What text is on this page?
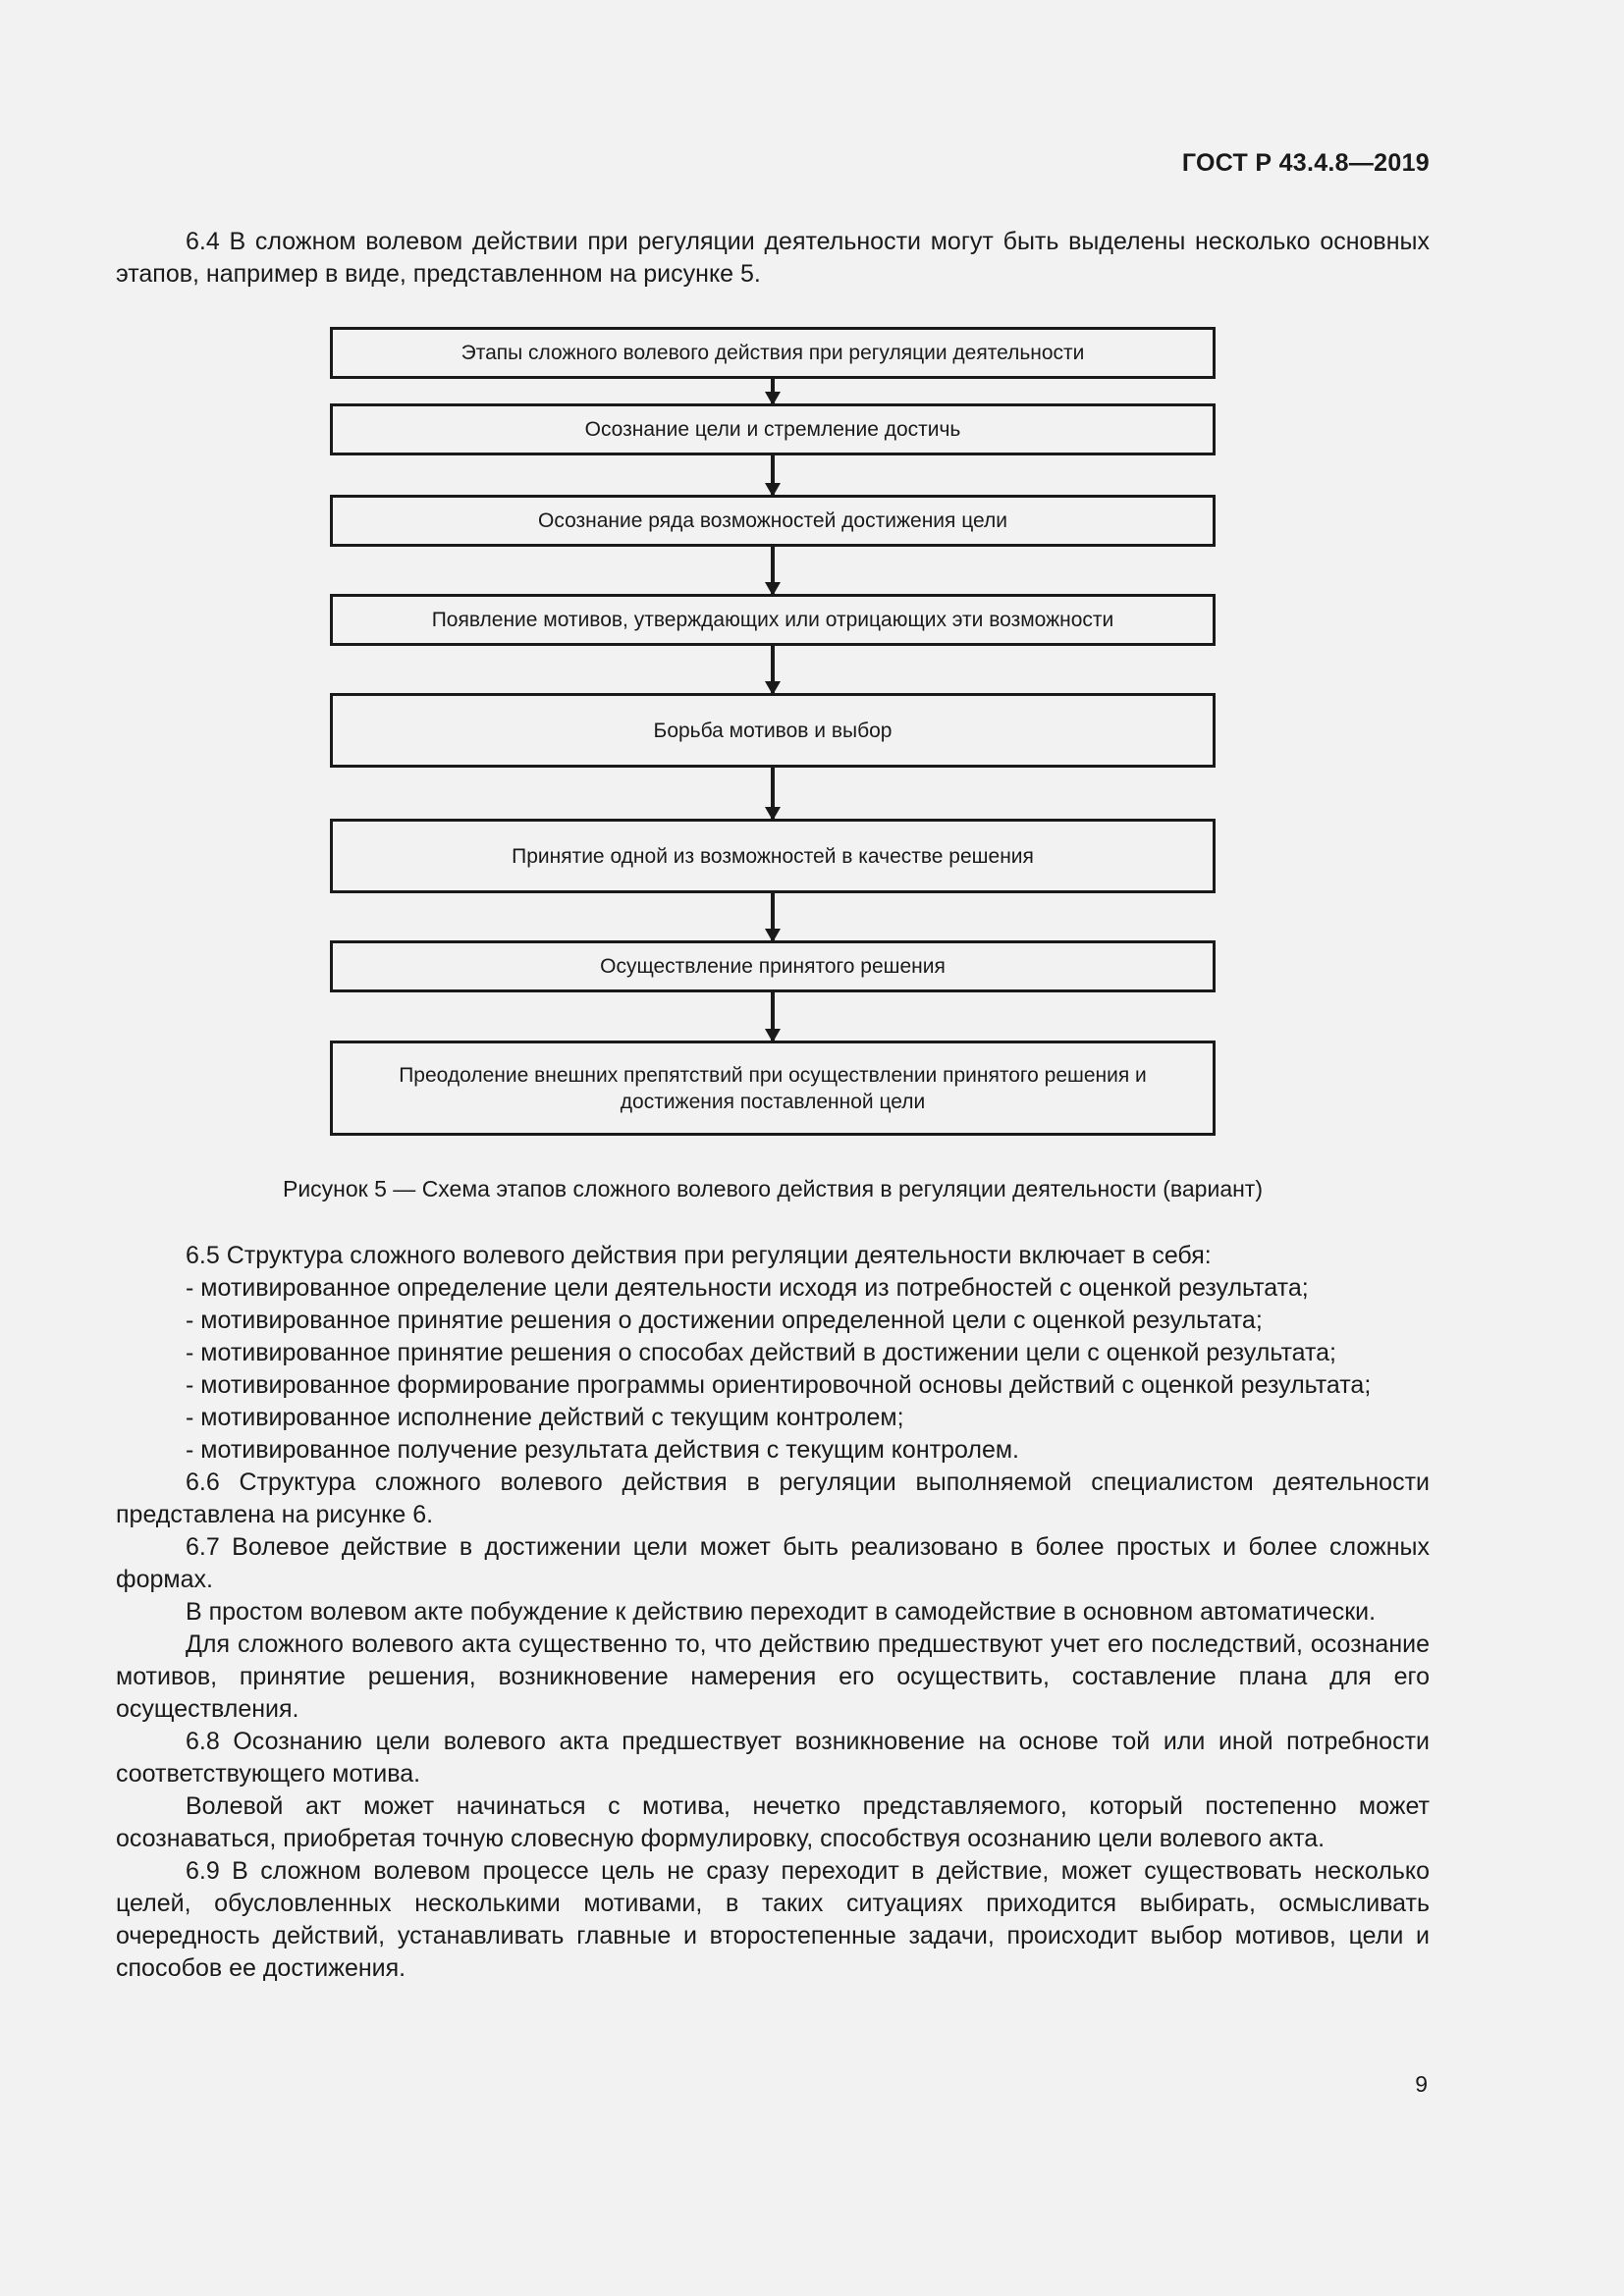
ГОСТ Р 43.4.8—2019

6.4 В сложном волевом действии при регуляции деятельности могут быть выделены несколько основных этапов, например в виде, представленном на рисунке 5.

Этапы сложного волевого действия при регуляции деятельности
Осознание цели и стремление достичь
Осознание ряда возможностей достижения цели
Появление мотивов, утверждающих или отрицающих эти возможности
Борьба мотивов и выбор
Принятие одной из возможностей в качестве решения
Осуществление принятого решения
Преодоление внешних препятствий при осуществлении принятого решения и достижения поставленной цели
Рисунок 5 — Схема этапов сложного волевого действия в регуляции деятельности (вариант)

6.5 Структура сложного волевого действия при регуляции деятельности включает в себя:

- мотивированное определение цели деятельности исходя из потребностей с оценкой результата;

- мотивированное принятие решения о достижении определенной цели с оценкой результата;

- мотивированное принятие решения о способах действий в достижении цели с оценкой результата;

- мотивированное формирование программы ориентировочной основы действий с оценкой результата;

- мотивированное исполнение действий с текущим контролем;

- мотивированное получение результата действия с текущим контролем.

6.6 Структура сложного волевого действия в регуляции выполняемой специалистом деятельности представлена на рисунке 6.

6.7 Волевое действие в достижении цели может быть реализовано в более простых и более сложных формах.

В простом волевом акте побуждение к действию переходит в самодействие в основном автоматически.

Для сложного волевого акта существенно то, что действию предшествуют учет его последствий, осознание мотивов, принятие решения, возникновение намерения его осуществить, составление плана для его осуществления.

6.8 Осознанию цели волевого акта предшествует возникновение на основе той или иной потребности соответствующего мотива.

Волевой акт может начинаться с мотива, нечетко представляемого, который постепенно может осознаваться, приобретая точную словесную формулировку, способствуя осознанию цели волевого акта.

6.9 В сложном волевом процессе цель не сразу переходит в действие, может существовать несколько целей, обусловленных несколькими мотивами, в таких ситуациях приходится выбирать, осмысливать очередность действий, устанавливать главные и второстепенные задачи, происходит выбор мотивов, цели и способов ее достижения.

9
